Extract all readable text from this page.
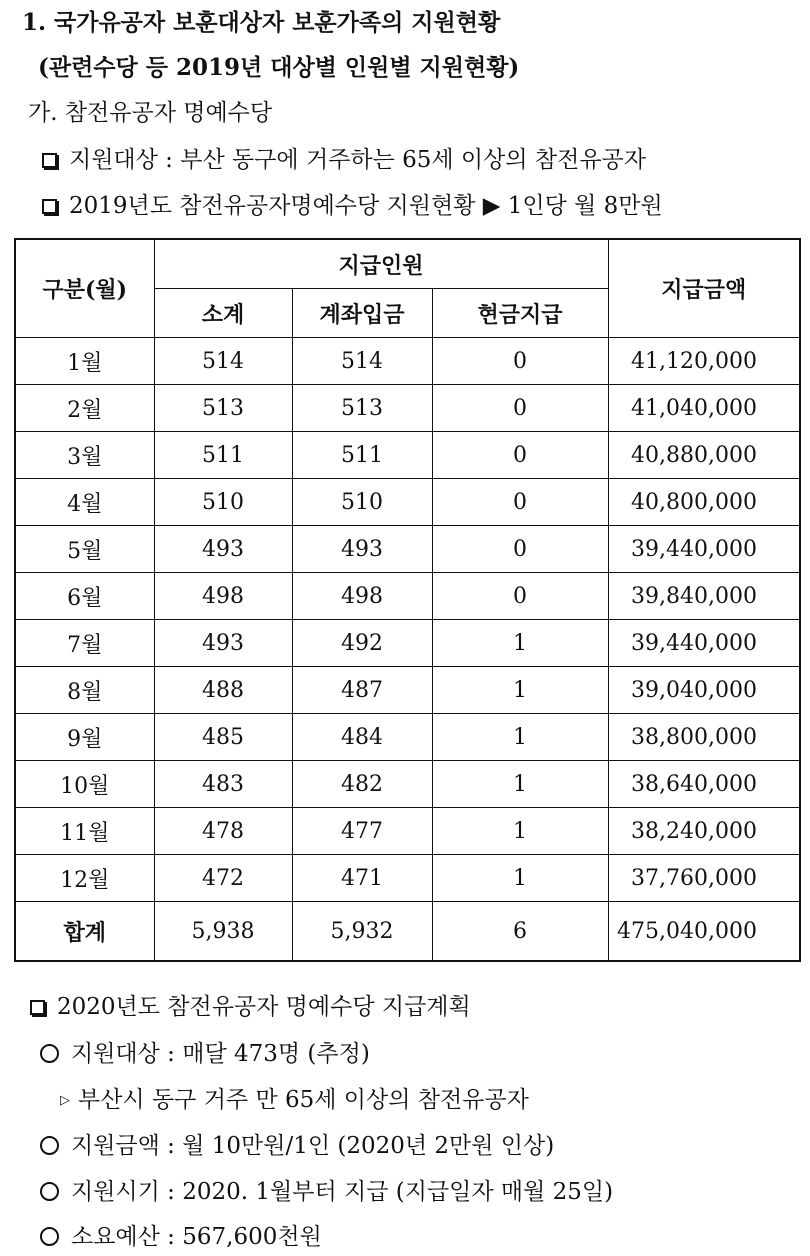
1. 국가유공자 보훈대상자 보훈가족의 지원현황
(관련수당 등 2019년 대상별 인원별 지원현황)
가. 참전유공자 명예수당
지원대상 : 부산 동구에 거주하는 65세 이상의 참전유공자
2019년도 참전유공자명예수당 지원현황 ▶ 1인당 월 8만원
구분(월)	지급인원			지급금액
	소계	계좌입금	현금지급	
1월	514	514	0	41,120,000
2월	513	513	0	41,040,000
3월	511	511	0	40,880,000
4월	510	510	0	40,800,000
5월	493	493	0	39,440,000
6월	498	498	0	39,840,000
7월	493	492	1	39,440,000
8월	488	487	1	39,040,000
9월	485	484	1	38,800,000
10월	483	482	1	38,640,000
11월	478	477	1	38,240,000
12월	472	471	1	37,760,000
합계	5,938	5,932	6	475,040,000
2020년도 참전유공자 명예수당 지급계획
지원대상 : 매달 473명 (추정)
▷ 부산시 동구 거주 만 65세 이상의 참전유공자
지원금액 : 월 10만원/1인 (2020년 2만원 인상)
지원시기 : 2020. 1월부터 지급 (지급일자 매월 25일)
소요예산 : 567,600천원
